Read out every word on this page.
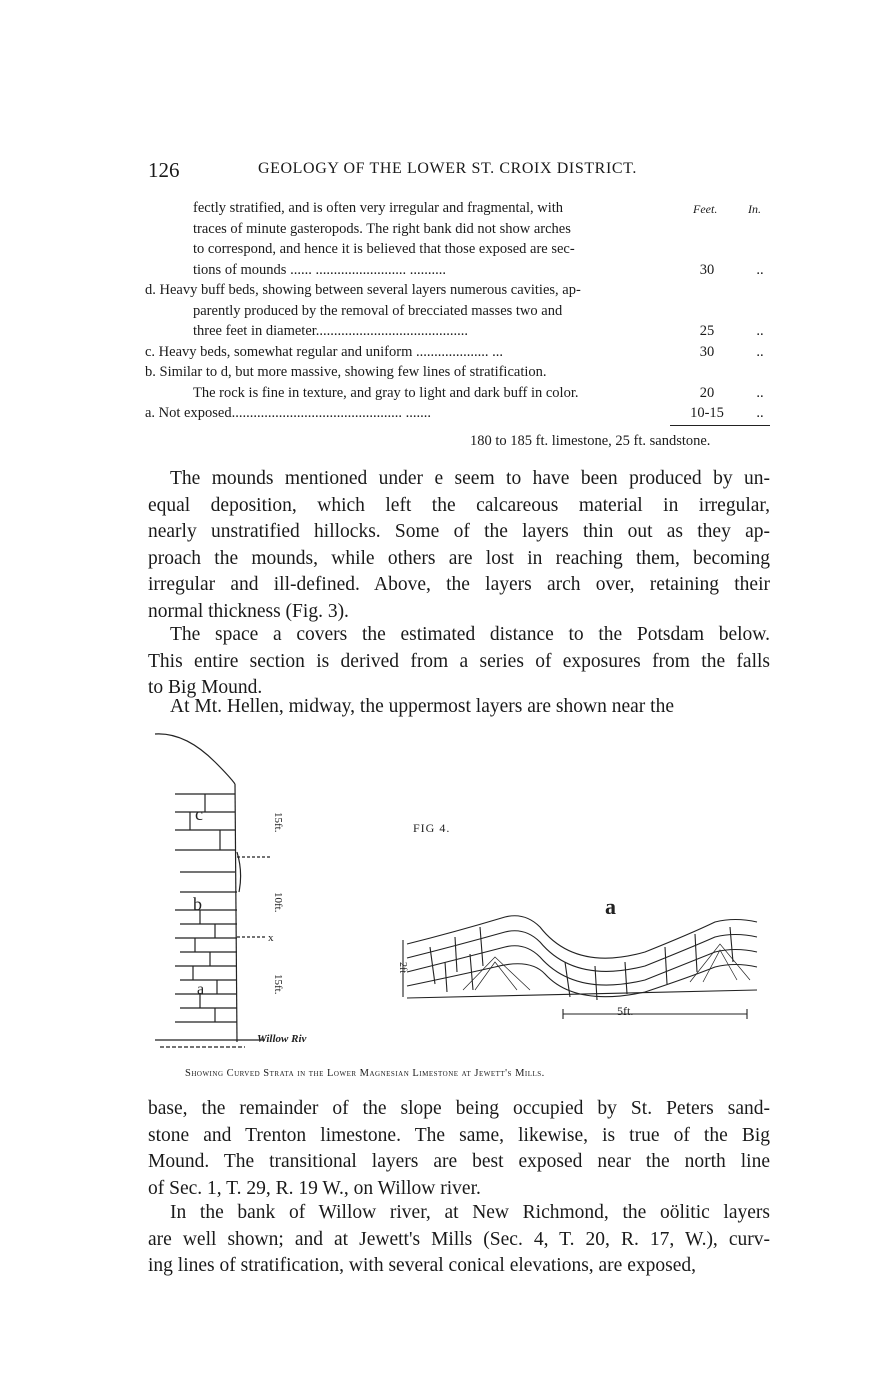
126	GEOLOGY OF THE LOWER ST. CROIX DISTRICT.
Feet.	In.
fectly stratified, and is often very irregular and fragmental, with
traces of minute gasteropods. The right bank did not show arches
to correspond, and hence it is believed that those exposed are sec-
tions of mounds ...... ......................... ..........	30	..
d. Heavy buff beds, showing between several layers numerous cavities, ap-
parently produced by the removal of brecciated masses two and
three feet in diameter..........................................	25	..
c. Heavy beds, somewhat regular and uniform .................... ...	30	..
b. Similar to d, but more massive, showing few lines of stratification.
The rock is fine in texture, and gray to light and dark buff in color.	20	..
a. Not exposed............................................... .......	10-15	..
180 to 185 ft. limestone, 25 ft. sandstone.
The mounds mentioned under e seem to have been produced by un-
equal deposition, which left the calcareous material in irregular,
nearly unstratified hillocks. Some of the layers thin out as they ap-
proach the mounds, while others are lost in reaching them, becoming
irregular and ill-defined. Above, the layers arch over, retaining their
normal thickness (Fig. 3).
The space a covers the estimated distance to the Potsdam below.
This entire section is derived from a series of exposures from the falls
to Big Mound.
At Mt. Hellen, midway, the uppermost layers are shown near the
base, the remainder of the slope being occupied by St. Peters sand-
stone and Trenton limestone. The same, likewise, is true of the Big
Mound. The transitional layers are best exposed near the north line
of Sec. 1, T. 29, R. 19 W., on Willow river.
In the bank of Willow river, at New Richmond, the oölitic layers
are well shown; and at Jewett's Mills (Sec. 4, T. 20, R. 17, W.), curv-
ing lines of stratification, with several conical elevations, are exposed,
c
b
a
x
15ft.
10ft.
15ft.
Willow Riv
FIG 4.
a
2ft
5ft.
Showing Curved Strata in the Lower Magnesian Limestone at Jewett's Mills.
